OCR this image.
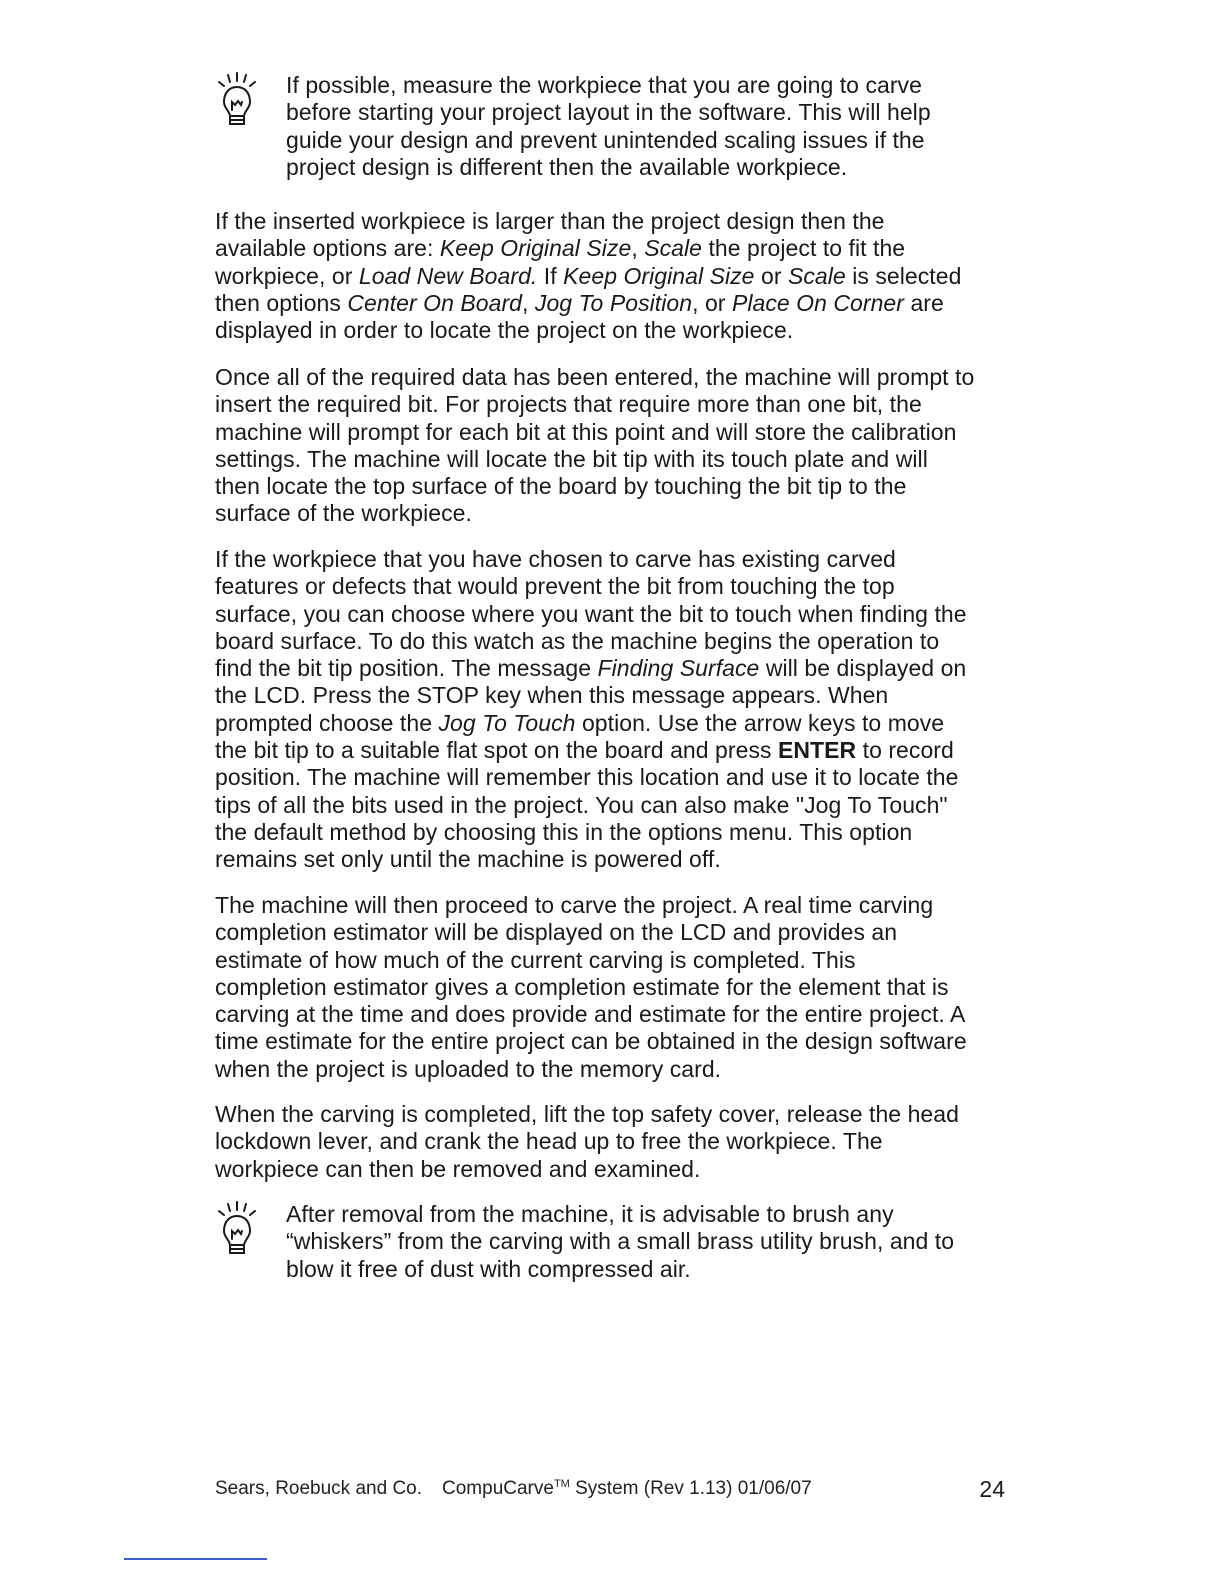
If possible, measure the workpiece that you are going to carve
before starting your project layout in the software. This will help
guide your design and prevent unintended scaling issues if the
project design is different then the available workpiece.

If the inserted workpiece is larger than the project design then the
available options are: Keep Original Size, Scale the project to fit the
workpiece, or Load New Board. If Keep Original Size or Scale is selected
then options Center On Board, Jog To Position, or Place On Corner are
displayed in order to locate the project on the workpiece.

Once all of the required data has been entered, the machine will prompt to
insert the required bit. For projects that require more than one bit, the
machine will prompt for each bit at this point and will store the calibration
settings. The machine will locate the bit tip with its touch plate and will
then locate the top surface of the board by touching the bit tip to the
surface of the workpiece.

If the workpiece that you have chosen to carve has existing carved
features or defects that would prevent the bit from touching the top
surface, you can choose where you want the bit to touch when finding the
board surface. To do this watch as the machine begins the operation to
find the bit tip position. The message Finding Surface will be displayed on
the LCD. Press the STOP key when this message appears. When
prompted choose the Jog To Touch option. Use the arrow keys to move
the bit tip to a suitable flat spot on the board and press ENTER to record
position. The machine will remember this location and use it to locate the
tips of all the bits used in the project. You can also make "Jog To Touch"
the default method by choosing this in the options menu. This option
remains set only until the machine is powered off.

The machine will then proceed to carve the project. A real time carving
completion estimator will be displayed on the LCD and provides an
estimate of how much of the current carving is completed. This
completion estimator gives a completion estimate for the element that is
carving at the time and does provide and estimate for the entire project. A
time estimate for the entire project can be obtained in the design software
when the project is uploaded to the memory card.

When the carving is completed, lift the top safety cover, release the head
lockdown lever, and crank the head up to free the workpiece. The
workpiece can then be removed and examined.

After removal from the machine, it is advisable to brush any
“whiskers” from the carving with a small brass utility brush, and to
blow it free of dust with compressed air.

Sears, Roebuck and Co. CompuCarve™ System (Rev 1.13) 01/06/07	24
